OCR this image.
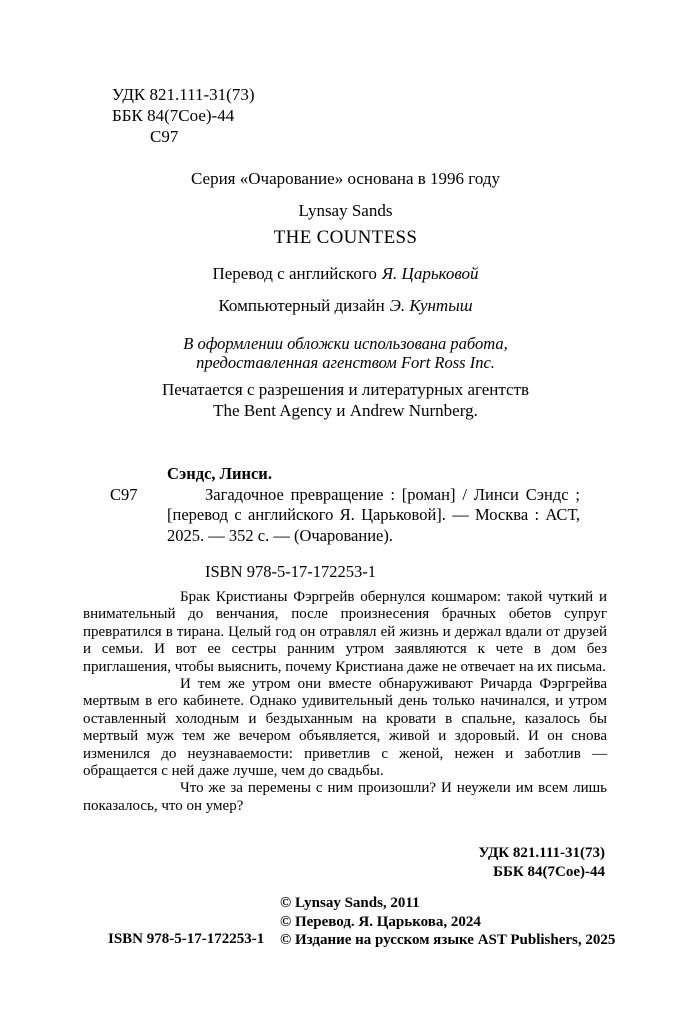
УДК 821.111-31(73)
ББК 84(7Сое)-44
С97
Серия «Очарование» основана в 1996 году
Lynsay Sands
THE COUNTESS
Перевод с английского Я. Царьковой
Компьютерный дизайн Э. Кунтыш
В оформлении обложки использована работа,
предоставленная агенством Fort Ross Inc.
Печатается с разрешения и литературных агентств
The Bent Agency и Andrew Nurnberg.
Сэндс, Линси.
С97	Загадочное превращение : [роман] / Линси Сэндс ; [перевод с английского Я. Царьковой]. — Москва : АСТ, 2025. — 352 с. — (Очарование).

ISBN 978-5-17-172253-1

Брак Кристианы Фэргрейв обернулся кошмаром: такой чуткий и внимательный до венчания, после произнесения брачных обетов супруг превратился в тирана. Целый год он отравлял ей жизнь и держал вдали от друзей и семьи. И вот ее сестры ранним утром заявляются к чете в дом без приглашения, чтобы выяснить, почему Кристиана даже не отвечает на их письма.

И тем же утром они вместе обнаруживают Ричарда Фэргрейва мертвым в его кабинете. Однако удивительный день только начинался, и утром оставленный холодным и бездыханным на кровати в спальне, казалось бы мертвый муж тем же вечером объявляется, живой и здоровый. И он снова изменился до неузнаваемости: приветлив с женой, нежен и заботлив — обращается с ней даже лучше, чем до свадьбы.

Что же за перемены с ним произошли? И неужели им всем лишь показалось, что он умер?

УДК 821.111-31(73)
ББК 84(7Сое)-44
© Lynsay Sands, 2011
© Перевод. Я. Царькова, 2024
© Издание на русском языке AST Publishers, 2025
ISBN 978-5-17-172253-1
